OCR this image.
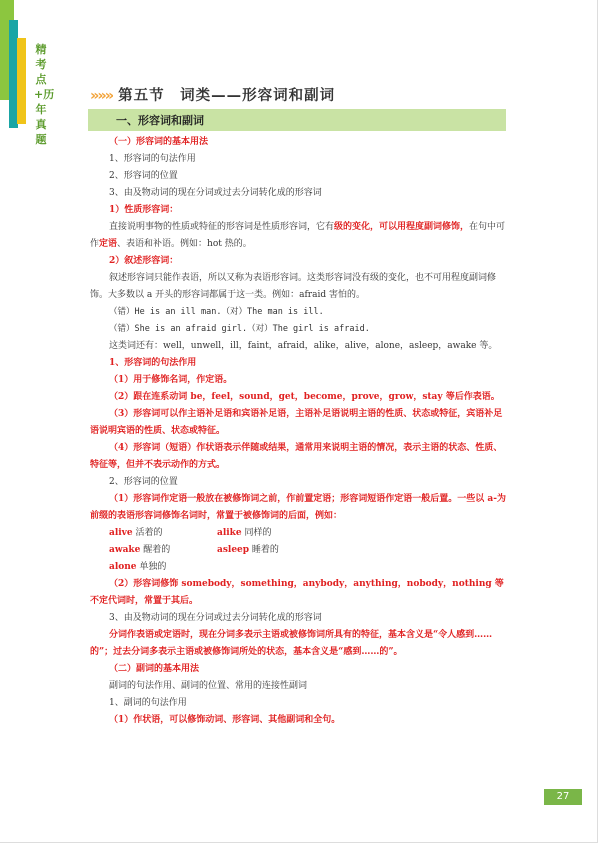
精考点+历年真题
»»» 第五节　词类——形容词和副词
一、形容词和副词

（一）形容词的基本用法

1、形容词的句法作用

2、形容词的位置

3、由及物动词的现在分词或过去分词转化成的形容词

1）性质形容词：

直接说明事物的性质或特征的形容词是性质形容词，它有级的变化，可以用程度副词修饰，在句中可作定语、表语和补语。例如：hot 热的。

2）叙述形容词：

叙述形容词只能作表语，所以又称为表语形容词。这类形容词没有级的变化，也不可用程度副词修饰。大多数以 a 开头的形容词都属于这一类。例如：afraid 害怕的。

（错）He is an ill man.（对）The man is ill.

（错）She is an afraid girl.（对）The girl is afraid.

这类词还有：well，unwell，ill，faint，afraid，alike，alive，alone，asleep，awake 等。

1、形容词的句法作用

（1）用于修饰名词，作定语。

（2）跟在连系动词 be，feel，sound，get，become，prove，grow，stay 等后作表语。

（3）形容词可以作主语补足语和宾语补足语，主语补足语说明主语的性质、状态或特征，宾语补足语说明宾语的性质、状态或特征。

（4）形容词（短语）作状语表示伴随或结果，通常用来说明主语的情况，表示主语的状态、性质、特征等，但并不表示动作的方式。

2、形容词的位置

（1）形容词作定语一般放在被修饰词之前，作前置定语；形容词短语作定语一般后置。一些以 a-为前缀的表语形容词修饰名词时，常置于被修饰词的后面，例如：

alive 活着的	alike 同样的
awake 醒着的	asleep 睡着的
alone 单独的

（2）形容词修饰 somebody，something，anybody，anything，nobody，nothing 等不定代词时，常置于其后。

3、由及物动词的现在分词或过去分词转化成的形容词

分词作表语或定语时，现在分词多表示主语或被修饰词所具有的特征，基本含义是“令人感到……的”；过去分词多表示主语或被修饰词所处的状态，基本含义是“感到……的”。

（二）副词的基本用法

副词的句法作用、副词的位置、常用的连接性副词

1、副词的句法作用

（1）作状语，可以修饰动词、形容词、其他副词和全句。

27
